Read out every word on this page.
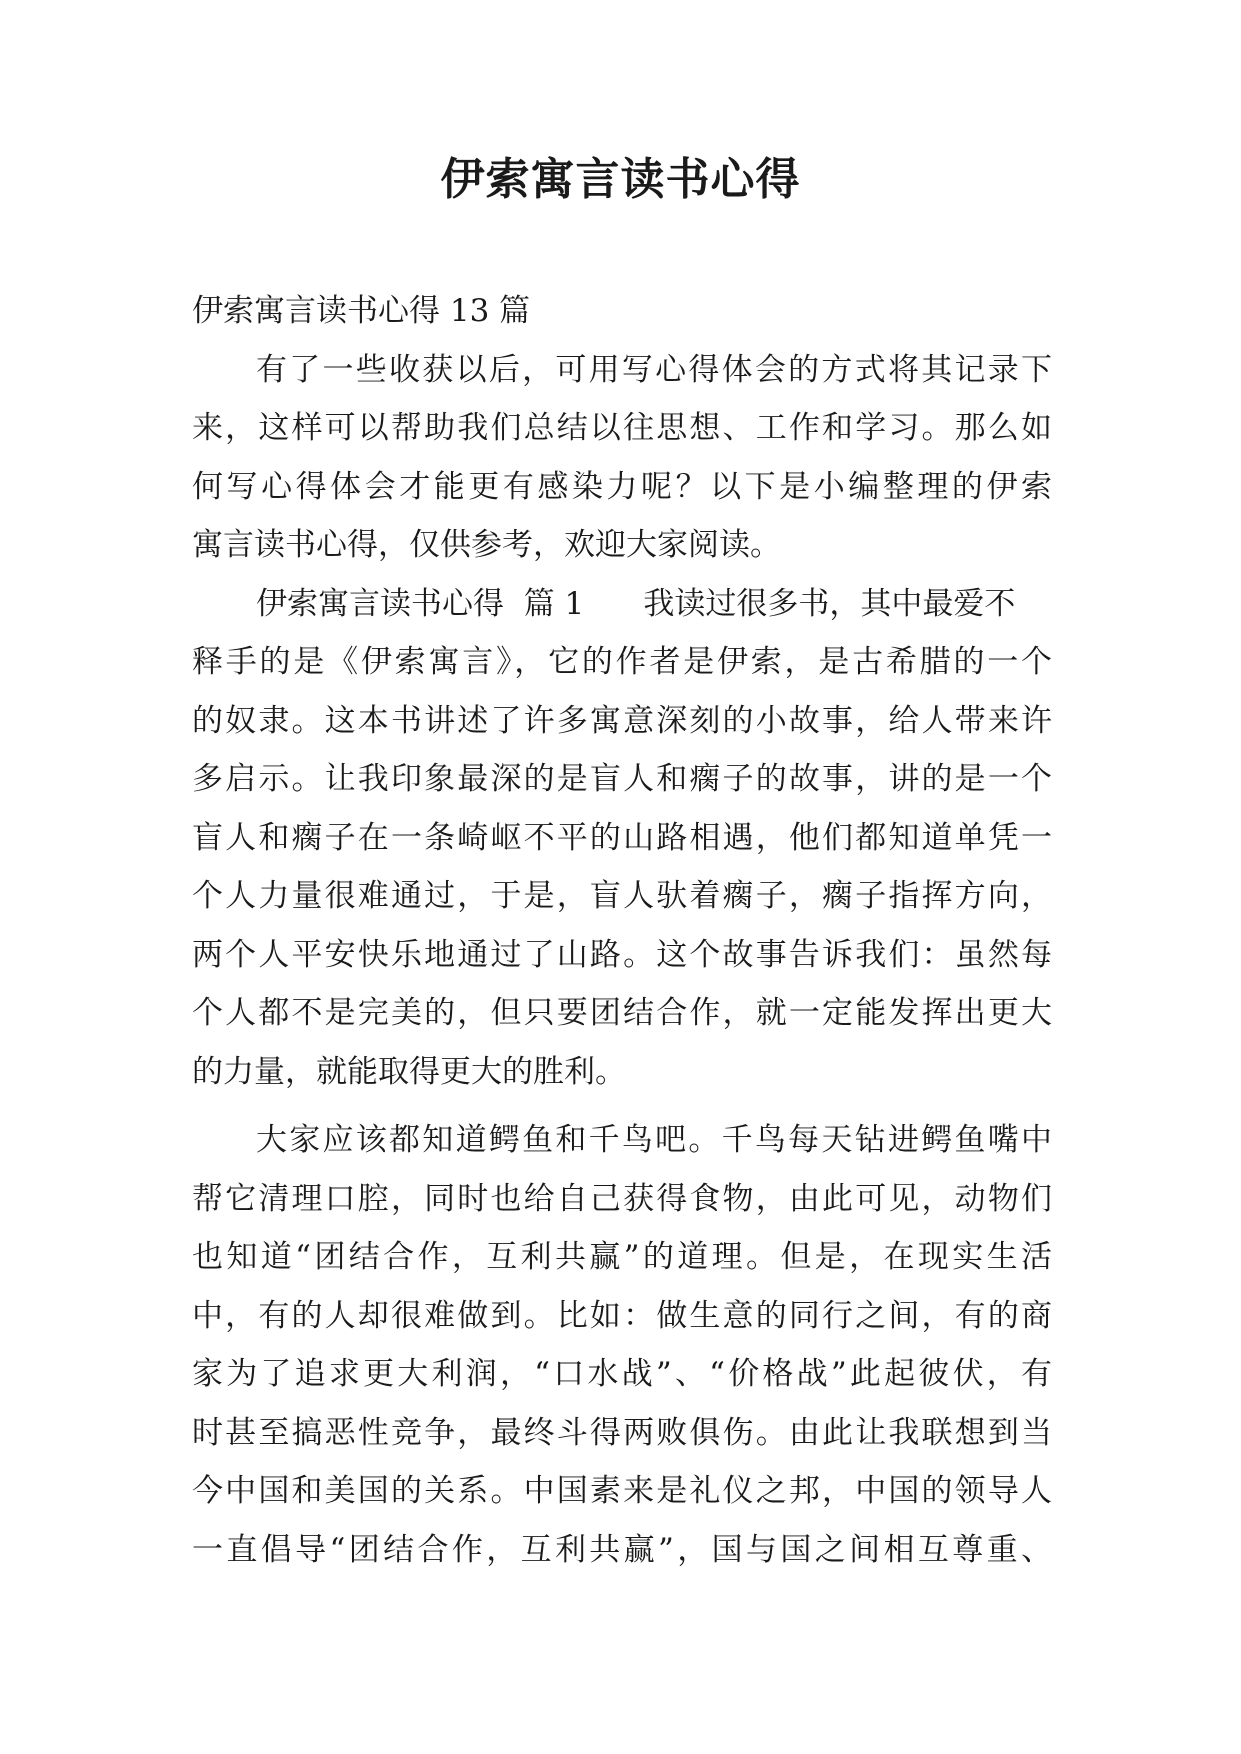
伊索寓言读书心得
伊索寓言读书心得 13 篇
有了一些收获以后，可用写心得体会的方式将其记录下
来，这样可以帮助我们总结以往思想、工作和学习。那么如
何写心得体会才能更有感染力呢？以下是小编整理的伊索
寓言读书心得，仅供参考，欢迎大家阅读。
伊索寓言读书心得  篇 1      我读过很多书，其中最爱不
释手的是《伊索寓言》，它的作者是伊索，是古希腊的一个
的奴隶。这本书讲述了许多寓意深刻的小故事，给人带来许
多启示。让我印象最深的是盲人和瘸子的故事，讲的是一个
盲人和瘸子在一条崎岖不平的山路相遇，他们都知道单凭一
个人力量很难通过，于是，盲人驮着瘸子，瘸子指挥方向，
两个人平安快乐地通过了山路。这个故事告诉我们：虽然每
个人都不是完美的，但只要团结合作，就一定能发挥出更大
的力量，就能取得更大的胜利。
大家应该都知道鳄鱼和千鸟吧。千鸟每天钻进鳄鱼嘴中
帮它清理口腔，同时也给自己获得食物，由此可见，动物们
也知道“团结合作，互利共赢”的道理。但是，在现实生活
中，有的人却很难做到。比如：做生意的同行之间，有的商
家为了追求更大利润，“口水战”、“价格战”此起彼伏，有
时甚至搞恶性竞争，最终斗得两败俱伤。由此让我联想到当
今中国和美国的关系。中国素来是礼仪之邦，中国的领导人
一直倡导“团结合作，互利共赢”，国与国之间相互尊重、
